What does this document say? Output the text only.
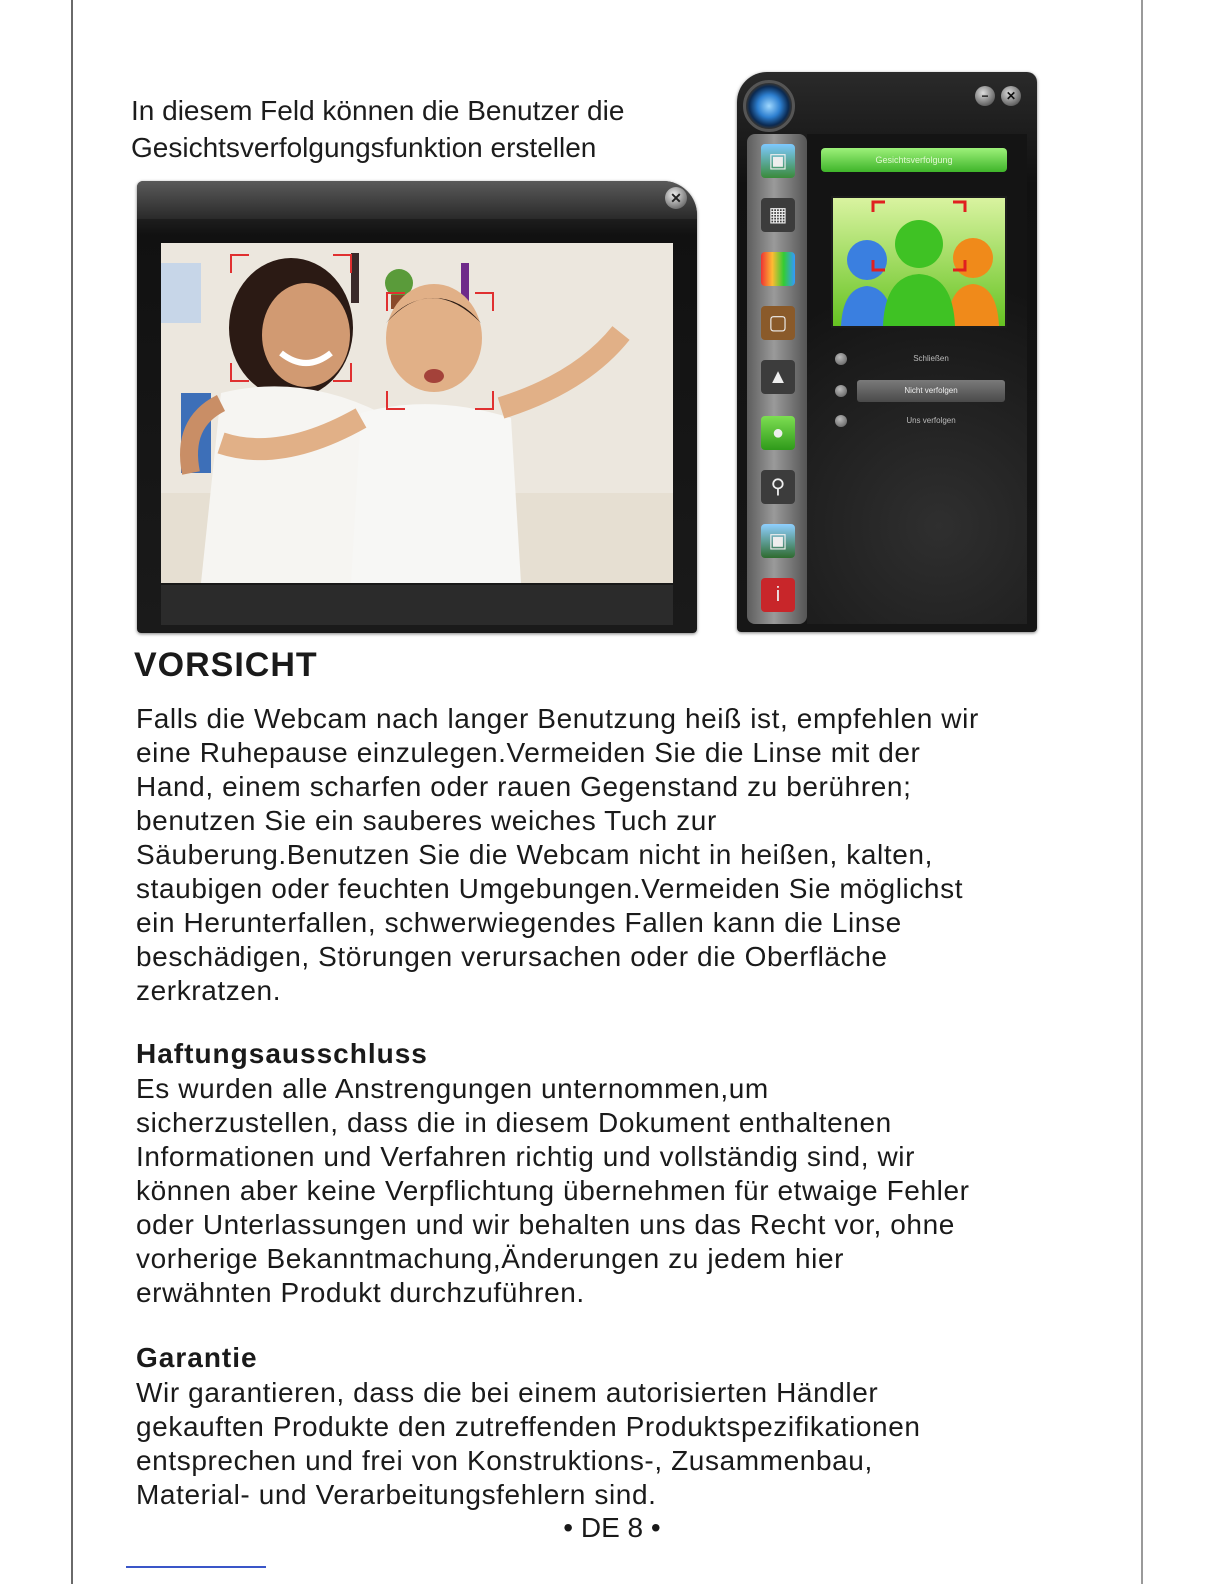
In diesem Feld können die Benutzer die
Gesichtsverfolgungsfunktion erstellen
✕
−	✕
▣
▦
▢
▲
●
⚲
▣
i
Gesichtsverfolgung
Schließen
Nicht verfolgen
Uns verfolgen
VORSICHT
Falls die Webcam nach langer Benutzung heiß ist, empfehlen wir
eine Ruhepause einzulegen.Vermeiden Sie die Linse mit der
Hand, einem scharfen oder rauen Gegenstand zu berühren;
benutzen Sie ein sauberes weiches Tuch zur
Säuberung.Benutzen Sie die Webcam nicht in heißen, kalten,
staubigen oder feuchten Umgebungen.Vermeiden Sie möglichst
ein Herunterfallen, schwerwiegendes Fallen kann die Linse
beschädigen, Störungen verursachen oder die Oberfläche
zerkratzen.
Haftungsausschluss
Es wurden alle Anstrengungen unternommen,um
sicherzustellen, dass die in diesem Dokument enthaltenen
Informationen und Verfahren richtig und vollständig sind, wir
können aber keine Verpflichtung übernehmen für etwaige Fehler
oder Unterlassungen und wir behalten uns das Recht vor, ohne
vorherige Bekanntmachung,Änderungen zu jedem hier
erwähnten Produkt durchzuführen.
Garantie
Wir garantieren, dass die bei einem autorisierten Händler
gekauften Produkte den zutreffenden Produktspezifikationen
entsprechen und frei von Konstruktions-, Zusammenbau,
Material- und Verarbeitungsfehlern sind.
• DE 8 •
